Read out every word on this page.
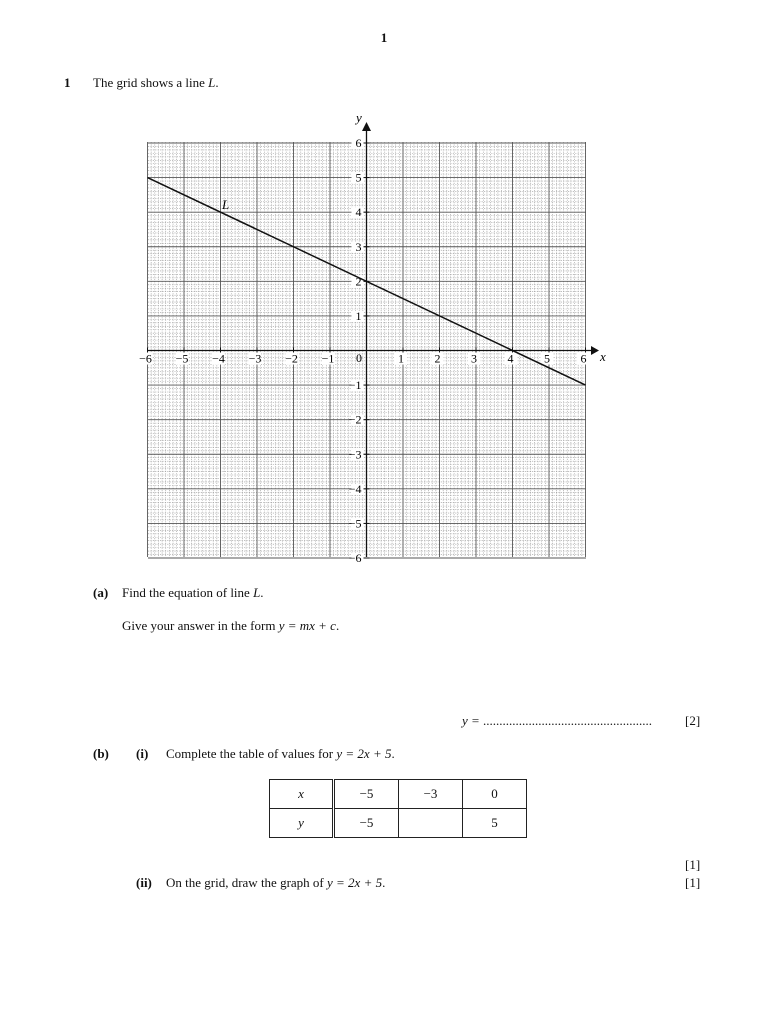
1
1 The grid shows a line L.
−6 −5 −4 −3 −2 −1	1	2	3	4	5	6
6
5
4
3
2
1
−1
−2
−3
−4
−5
−6
0	x
y
L
(a) Find the equation of line L.
Give your answer in the form y = mx + c.
y = ....................................................	[2]
(b) (i) Complete the table of values for y = 2x + 5.
x	−5	−3	0
y	−5		5
[1]
(ii) On the grid, draw the graph of y = 2x + 5.	[1]
